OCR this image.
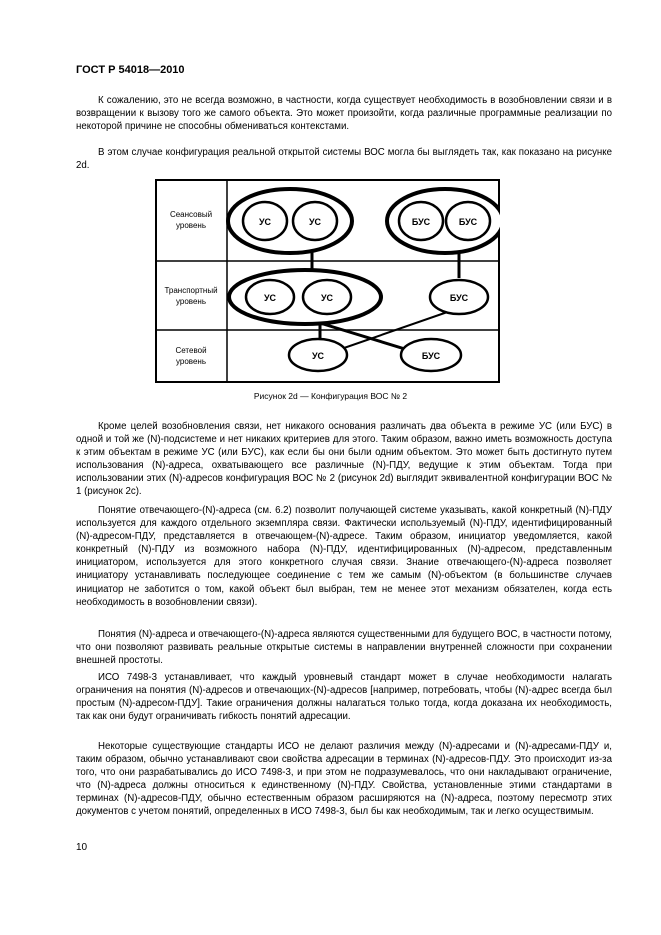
ГОСТ Р 54018—2010

К сожалению, это не всегда возможно, в частности, когда существует необходимость в возобновлении связи и в возвращении к вызову того же самого объекта. Это может произойти, когда различные программные реализации по некоторой причине не способны обмениваться контекстами.

В этом случае конфигурация реальной открытой системы ВОС могла бы выглядеть так, как показано на рисунке 2d.

Сеансовый
уровень
Транспортный
уровень
Сетевой
уровень
УС	УС	БУС	БУС
УС	УС	БУС
УС	БУС
Рисунок 2d — Конфигурация ВОС № 2

Кроме целей возобновления связи, нет никакого основания различать два объекта в режиме УС (или БУС) в одной и той же (N)-подсистеме и нет никаких критериев для этого. Таким образом, важно иметь возможность доступа к этим объектам в режиме УС (или БУС), как если бы они были одним объектом. Это может быть достигнуто путем использования (N)-адреса, охватывающего все различные (N)-ПДУ, ведущие к этим объектам. Тогда при использовании этих (N)-адресов конфигурация ВОС № 2 (рисунок 2d) выглядит эквивалентной конфигурации ВОС № 1 (рисунок 2c).

Понятие отвечающего-(N)-адреса (см. 6.2) позволит получающей системе указывать, какой конкретный (N)-ПДУ используется для каждого отдельного экземпляра связи. Фактически используемый (N)-ПДУ, идентифицированный (N)-адресом-ПДУ, представляется в отвечающем-(N)-адресе. Таким образом, инициатор уведомляется, какой конкретный (N)-ПДУ из возможного набора (N)-ПДУ, идентифицированных (N)-адресом, представленным инициатором, используется для этого конкретного случая связи. Знание отвечающего-(N)-адреса позволяет инициатору устанавливать последующее соединение с тем же самым (N)-объектом (в большинстве случаев инициатор не заботится о том, какой объект был выбран, тем не менее этот механизм обязателен, когда есть необходимость в возобновлении связи).

Понятия (N)-адреса и отвечающего-(N)-адреса являются существенными для будущего ВОС, в частности потому, что они позволяют развивать реальные открытые системы в направлении внутренней сложности при сохранении внешней простоты.

ИСО 7498-3 устанавливает, что каждый уровневый стандарт может в случае необходимости налагать ограничения на понятия (N)-адресов и отвечающих-(N)-адресов [например, потребовать, чтобы (N)-адрес всегда был простым (N)-адресом-ПДУ]. Такие ограничения должны налагаться только тогда, когда доказана их необходимость, так как они будут ограничивать гибкость понятий адресации.

Некоторые существующие стандарты ИСО не делают различия между (N)-адресами и (N)-адресами-ПДУ и, таким образом, обычно устанавливают свои свойства адресации в терминах (N)-адресов-ПДУ. Это происходит из-за того, что они разрабатывались до ИСО 7498-3, и при этом не подразумевалось, что они накладывают ограничение, что (N)-адреса должны относиться к единственному (N)-ПДУ. Свойства, установленные этими стандартами в терминах (N)-адресов-ПДУ, обычно естественным образом расширяются на (N)-адреса, поэтому пересмотр этих документов с учетом понятий, определенных в ИСО 7498-3, был бы как необходимым, так и легко осуществимым.

10
